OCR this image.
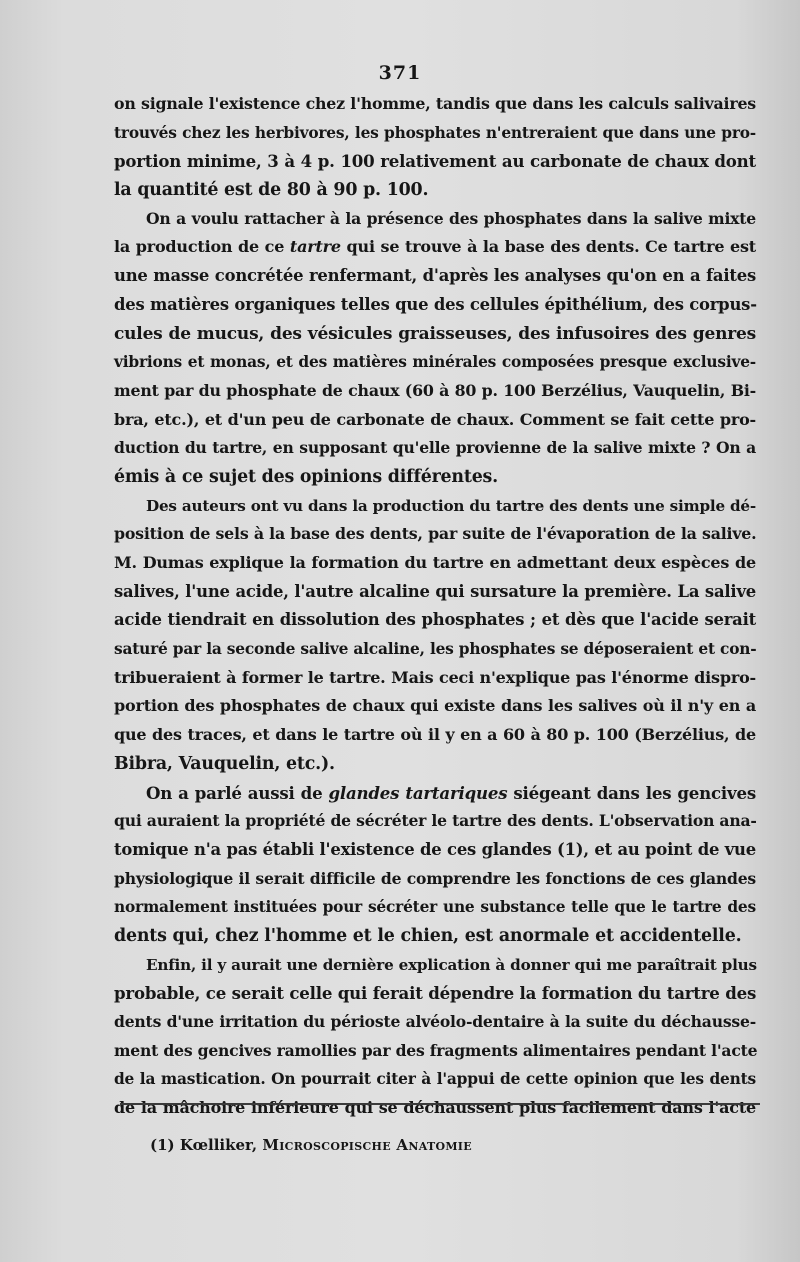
371
on signale l'existence chez l'homme, tandis que dans les calculs salivaires
trouvés chez les herbivores, les phosphates n'entreraient que dans une pro-
portion minime, 3 à 4 p. 100 relativement au carbonate de chaux dont
la quantité est de 80 à 90 p. 100.
On a voulu rattacher à la présence des phosphates dans la salive mixte
la production de ce tartre qui se trouve à la base des dents. Ce tartre est
une masse concrétée renfermant, d'après les analyses qu'on en a faites
des matières organiques telles que des cellules épithélium, des corpus-
cules de mucus, des vésicules graisseuses, des infusoires des genres
vibrions et monas, et des matières minérales composées presque exclusive-
ment par du phosphate de chaux (60 à 80 p. 100 Berzélius, Vauquelin, Bi-
bra, etc.), et d'un peu de carbonate de chaux. Comment se fait cette pro-
duction du tartre, en supposant qu'elle provienne de la salive mixte ? On a
émis à ce sujet des opinions différentes.
Des auteurs ont vu dans la production du tartre des dents une simple dé-
position de sels à la base des dents, par suite de l'évaporation de la salive.
M. Dumas explique la formation du tartre en admettant deux espèces de
salives, l'une acide, l'autre alcaline qui sursature la première. La salive
acide tiendrait en dissolution des phosphates ; et dès que l'acide serait
saturé par la seconde salive alcaline, les phosphates se déposeraient et con-
tribueraient à former le tartre. Mais ceci n'explique pas l'énorme dispro-
portion des phosphates de chaux qui existe dans les salives où il n'y en a
que des traces, et dans le tartre où il y en a 60 à 80 p. 100 (Berzélius, de
Bibra, Vauquelin, etc.).
On a parlé aussi de glandes tartariques siégeant dans les gencives
qui auraient la propriété de sécréter le tartre des dents. L'observation ana-
tomique n'a pas établi l'existence de ces glandes (1), et au point de vue
physiologique il serait difficile de comprendre les fonctions de ces glandes
normalement instituées pour sécréter une substance telle que le tartre des
dents qui, chez l'homme et le chien, est anormale et accidentelle.
Enfin, il y aurait une dernière explication à donner qui me paraîtrait plus
probable, ce serait celle qui ferait dépendre la formation du tartre des
dents d'une irritation du périoste alvéolo-dentaire à la suite du déchausse-
ment des gencives ramollies par des fragments alimentaires pendant l'acte
de la mastication. On pourrait citer à l'appui de cette opinion que les dents
de la mâchoire inférieure qui se déchaussent plus facilement dans l'acte
(1) Kœlliker, Microscopische Anatomie
